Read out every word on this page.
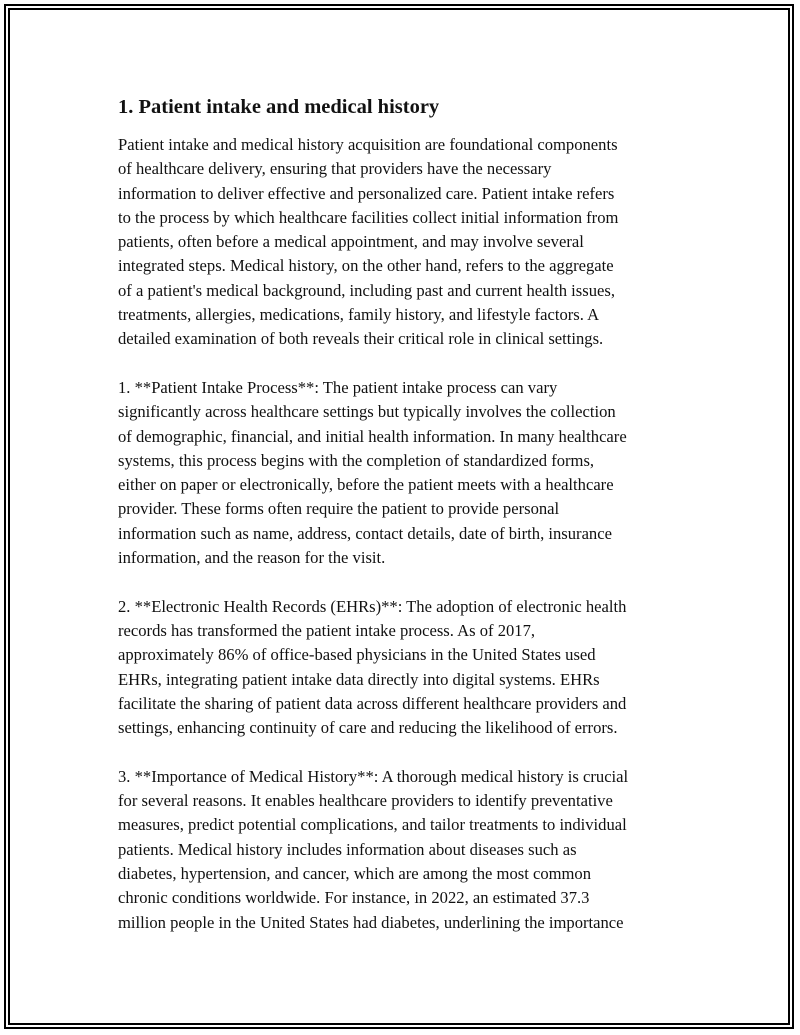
1. Patient intake and medical history

Patient intake and medical history acquisition are foundational components
of healthcare delivery, ensuring that providers have the necessary
information to deliver effective and personalized care. Patient intake refers
to the process by which healthcare facilities collect initial information from
patients, often before a medical appointment, and may involve several
integrated steps. Medical history, on the other hand, refers to the aggregate
of a patient's medical background, including past and current health issues,
treatments, allergies, medications, family history, and lifestyle factors. A
detailed examination of both reveals their critical role in clinical settings.

1. **Patient Intake Process**: The patient intake process can vary
significantly across healthcare settings but typically involves the collection
of demographic, financial, and initial health information. In many healthcare
systems, this process begins with the completion of standardized forms,
either on paper or electronically, before the patient meets with a healthcare
provider. These forms often require the patient to provide personal
information such as name, address, contact details, date of birth, insurance
information, and the reason for the visit.

2. **Electronic Health Records (EHRs)**: The adoption of electronic health
records has transformed the patient intake process. As of 2017,
approximately 86% of office-based physicians in the United States used
EHRs, integrating patient intake data directly into digital systems. EHRs
facilitate the sharing of patient data across different healthcare providers and
settings, enhancing continuity of care and reducing the likelihood of errors.

3. **Importance of Medical History**: A thorough medical history is crucial
for several reasons. It enables healthcare providers to identify preventative
measures, predict potential complications, and tailor treatments to individual
patients. Medical history includes information about diseases such as
diabetes, hypertension, and cancer, which are among the most common
chronic conditions worldwide. For instance, in 2022, an estimated 37.3
million people in the United States had diabetes, underlining the importance
